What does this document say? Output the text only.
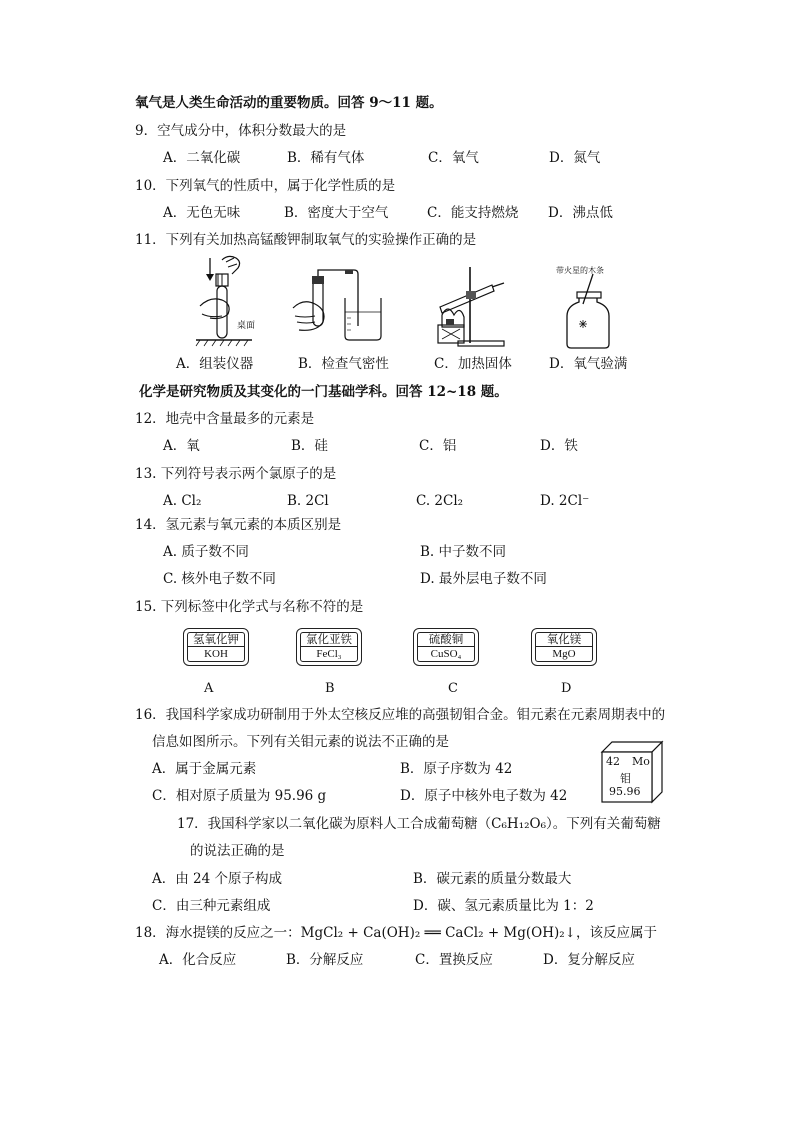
氧气是人类生命活动的重要物质。回答 9～11 题。
9．空气成分中，体积分数最大的是
A．二氧化碳	B．稀有气体	C．氧气	D．氮气
10．下列氧气的性质中，属于化学性质的是
A．无色无味	B．密度大于空气	C．能支持燃烧 D．沸点低
11．下列有关加热高锰酸钾制取氧气的实验操作正确的是
桌面
带火星的木条
A．组装仪器	B．检查气密性	C．加热固体	D．氧气验满
化学是研究物质及其变化的一门基础学科。回答 12~18 题。
12．地壳中含量最多的元素是
A．氧	B．硅	C．铝	D．铁
13. 下列符号表示两个氯原子的是
A. Cl₂	B. 2Cl	C. 2Cl₂	D. 2Cl⁻
14．氢元素与氧元素的本质区别是
A. 质子数不同	B. 中子数不同
C. 核外电子数不同	D. 最外层电子数不同
15. 下列标签中化学式与名称不符的是
氢氧化钾
KOH
氯化亚铁
FeCl₃
硫酸铜
CuSO₄
氧化镁
MgO
A	B	C	D
16．我国科学家成功研制用于外太空核反应堆的高强韧钼合金。钼元素在元素周期表中的
信息如图所示。下列有关钼元素的说法不正确的是
A．属于金属元素	B．原子序数为 42
C．相对原子质量为 95.96 g	D．原子中核外电子数为 42
42 Mo
钼
95.96
17．我国科学家以二氧化碳为原料人工合成葡萄糖（C₆H₁₂O₆）。下列有关葡萄糖
的说法正确的是
A．由 24 个原子构成	B．碳元素的质量分数最大
C．由三种元素组成	D．碳、氢元素质量比为 1：2
18．海水提镁的反应之一：MgCl₂ + Ca(OH)₂ ══ CaCl₂ + Mg(OH)₂↓，该反应属于
A．化合反应	B．分解反应	C．置换反应	D．复分解反应
